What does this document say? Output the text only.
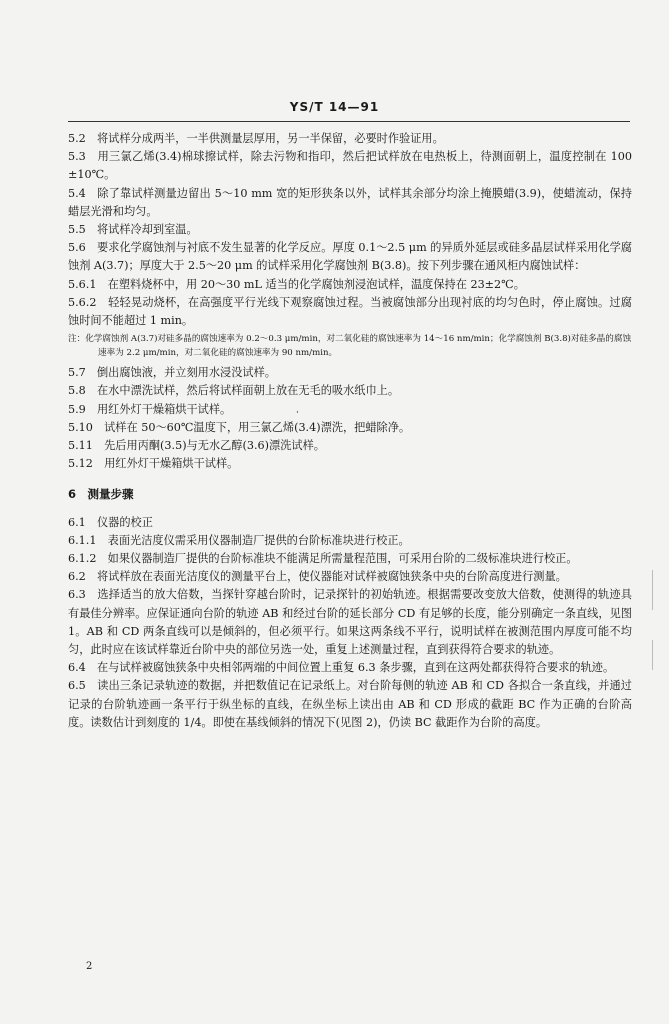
YS/T 14—91

5.2　将试样分成两半，一半供测量层厚用，另一半保留，必要时作验证用。

5.3　用三氯乙烯(3.4)棉球擦试样，除去污物和指印，然后把试样放在电热板上，待测面朝上，温度控制在 100±10℃。

5.4　除了靠试样测量边留出 5～10 mm 宽的矩形狭条以外，试样其余部分均涂上掩膜蜡(3.9)，使蜡流动，保持蜡层光滑和均匀。

5.5　将试样冷却到室温。

5.6　要求化学腐蚀剂与衬底不发生显著的化学反应。厚度 0.1～2.5 μm 的异质外延层或硅多晶层试样采用化学腐蚀剂 A(3.7)；厚度大于 2.5～20 μm 的试样采用化学腐蚀剂 B(3.8)。按下列步骤在通风柜内腐蚀试样：

5.6.1　在塑料烧杯中，用 20～30 mL 适当的化学腐蚀剂浸泡试样，温度保持在 23±2℃。

5.6.2　轻轻晃动烧杯，在高强度平行光线下观察腐蚀过程。当被腐蚀部分出现衬底的均匀色时，停止腐蚀。过腐蚀时间不能超过 1 min。

注：化学腐蚀剂 A(3.7)对硅多晶的腐蚀速率为 0.2～0.3 μm/min，对二氧化硅的腐蚀速率为 14～16 nm/min；化学腐蚀剂 B(3.8)对硅多晶的腐蚀速率为 2.2 μm/min，对二氧化硅的腐蚀速率为 90 nm/min。

5.7　倒出腐蚀液，并立刻用水浸没试样。

5.8　在水中漂洗试样，然后将试样面朝上放在无毛的吸水纸巾上。

5.9　用红外灯干燥箱烘干试样。

5.10　试样在 50～60℃温度下，用三氯乙烯(3.4)漂洗，把蜡除净。

5.11　先后用丙酮(3.5)与无水乙醇(3.6)漂洗试样。

5.12　用红外灯干燥箱烘干试样。

6　测量步骤

6.1　仪器的校正

6.1.1　表面光洁度仪需采用仪器制造厂提供的台阶标准块进行校正。

6.1.2　如果仪器制造厂提供的台阶标准块不能满足所需量程范围，可采用台阶的二级标准块进行校正。

6.2　将试样放在表面光洁度仪的测量平台上，使仪器能对试样被腐蚀狭条中央的台阶高度进行测量。

6.3　选择适当的放大倍数，当探针穿越台阶时，记录探针的初始轨迹。根据需要改变放大倍数，使测得的轨迹具有最佳分辨率。应保证通向台阶的轨迹 AB 和经过台阶的延长部分 CD 有足够的长度，能分别确定一条直线，见图 1。AB 和 CD 两条直线可以是倾斜的，但必须平行。如果这两条线不平行，说明试样在被测范围内厚度可能不均匀，此时应在该试样靠近台阶中央的部位另选一处，重复上述测量过程，直到获得符合要求的轨迹。

6.4　在与试样被腐蚀狭条中央相邻两端的中间位置上重复 6.3 条步骤，直到在这两处都获得符合要求的轨迹。

6.5　读出三条记录轨迹的数据，并把数值记在记录纸上。对台阶每侧的轨迹 AB 和 CD 各拟合一条直线，并通过记录的台阶轨迹画一条平行于纵坐标的直线，在纵坐标上读出由 AB 和 CD 形成的截距 BC 作为正确的台阶高度。读数估计到刻度的 1/4。即使在基线倾斜的情况下(见图 2)，仍读 BC 截距作为台阶的高度。

2
ˈ
